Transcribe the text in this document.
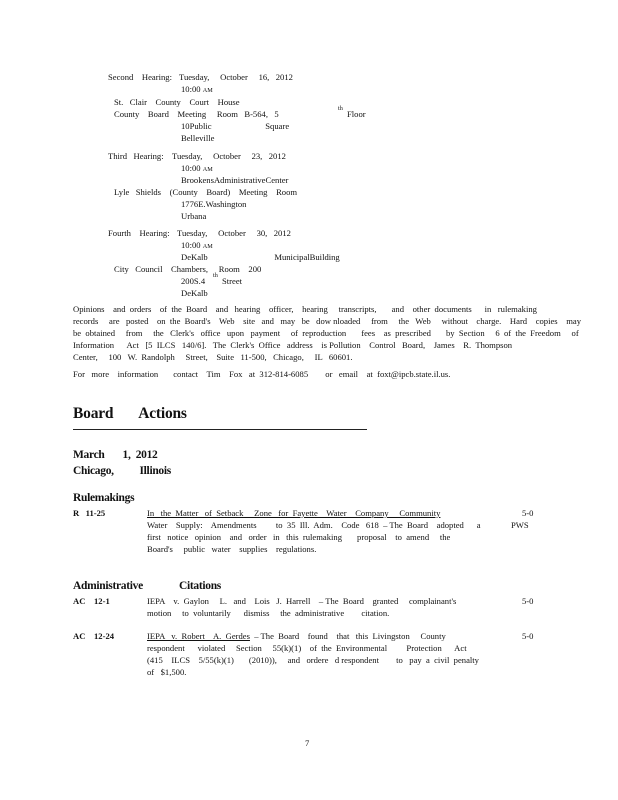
Second    Hearing: Tuesday,     October     16,   2012
10:00 AM
St.   Clair    County    Court    House
County    Board    Meeting     Room   B-564,   5
th
Floor
10Public                         Square
Belleville
Third   Hearing: Tuesday,     October     23,   2012
10:00 AM
BrookensAdministrativeCenter
Lyle   Shields    (County    Board)    Meeting    Room
1776E.Washington
Urbana
Fourth    Hearing: Tuesday,     October     30,   2012
10:00 AM
DeKalb                               MunicipalBuilding
City   Council    Chambers,     Room    200
200S.4
th
Street
DeKalb
Opinions    and  orders    of  the  Board    and   hearing    officer,    hearing     transcripts,       and    other  documents      in   rulemaking
records     are   posted    on  the  Board's    Web    site   and   may   be   dow nloaded     from     the   Web     without    charge.    Hard    copies    may
be  obtained     from     the   Clerk's   office   upon   payment     of  reproduction       fees    as  prescribed       by  Section     6  of  the  Freedom     of
Information      Act   [5  ILCS   140/6].   The  Clerk's  Office   address    is Pollution    Control   Board,    James    R.  Thompson
Center,     100   W.  Randolph     Street,    Suite   11-500,   Chicago,     IL   60601.
For   more    information       contact    Tim    Fox   at  312-814-6085        or   email    at  foxt@ipcb.state.il.us.
Board       Actions
March       1,  2012
Chicago,          Illinois
Rulemakings
R   11-25	In   the  Matter   of  Setback     Zone   for  Fayette    Water    Company     Community	5-0
Water    Supply:    Amendments         to  35  Ill.  Adm.    Code   618  – The  Board    adopted      a	PWS
first   notice   opinion    and   order   in   this  rulemaking       proposal    to  amend     the
Board's     public   water    supplies    regulations.
Administrative              Citations
AC    12-1	IEPA    v.  Gaylon     L.   and    Lois   J.  Harrell    – The  Board    granted     complainant's	5-0
motion     to  voluntarily      dismiss     the  administrative        citation.
AC    12-24	IEPA   v.  Robert    A.  Gerdes  – The  Board    found    that   this  Livingston     County	5-0
respondent      violated     Section     55(k)(1)    of  the  Environmental         Protection      Act
(415    ILCS    5/55(k)(1)       (2010)),     and   ordere   d respondent        to   pay  a  civil  penalty
of   $1,500.
7
